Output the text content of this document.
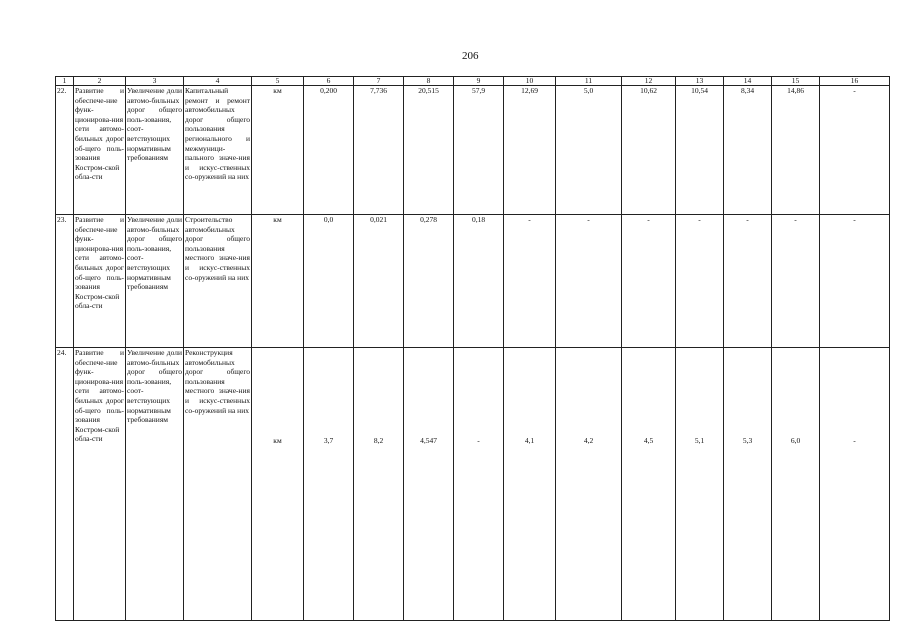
206
1	2	3	4	5	6	7	8	9	10	11	12	13	14	15	16
22.	Развитие и обеспече-ние функ-ционирова-ния сети автомо-бильных дорог об-щего поль-зования Костром-ской обла-сти	Увеличение доли автомо-бильных дорог общего поль-зования, соот-ветствующих нормативным требованиям	Капитальный ремонт и ремонт автомобильных дорог общего пользования регионального и межмуници-пального значе-ния и искус-ственных со-оружений на них	км	0,200	7,736	20,515	57,9	12,69	5,0	10,62	10,54	8,34	14,86	-
23.	Развитие и обеспече-ние функ-ционирова-ния сети автомо-бильных дорог об-щего поль-зования Костром-ской обла-сти	Увеличение доли автомо-бильных дорог общего поль-зования, соот-ветствующих нормативным требованиям	Строительство автомобильных дорог общего пользования местного значе-ния и искус-ственных со-оружений на них	км	0,0	0,021	0,278	0,18	-	-	-	-	-	-	-
24.	Развитие и обеспече-ние функ-ционирова-ния сети автомо-бильных дорог об-щего поль-зования Костром-ской обла-сти	Увеличение доли автомо-бильных дорог общего поль-зования, соот-ветствующих нормативным требованиям	Реконструкция автомобильных дорог общего пользования местного значе-ния и искус-ственных со-оружений на них	км	3,7	8,2	4,547	-	4,1	4,2	4,5	5,1	5,3	6,0	-
